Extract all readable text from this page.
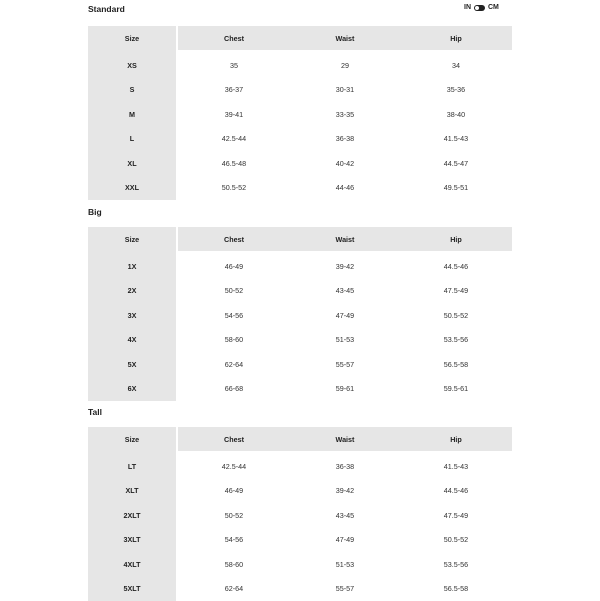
IN CM
Standard
Size	Chest	Waist	Hip
XS	35	29	34
S	36-37	30-31	35-36
M	39-41	33-35	38-40
L	42.5-44	36-38	41.5-43
XL	46.5-48	40-42	44.5-47
XXL	50.5-52	44-46	49.5-51
Big
Size	Chest	Waist	Hip
1X	46-49	39-42	44.5-46
2X	50-52	43-45	47.5-49
3X	54-56	47-49	50.5-52
4X	58-60	51-53	53.5-56
5X	62-64	55-57	56.5-58
6X	66-68	59-61	59.5-61
Tall
Size	Chest	Waist	Hip
LT	42.5-44	36-38	41.5-43
XLT	46-49	39-42	44.5-46
2XLT	50-52	43-45	47.5-49
3XLT	54-56	47-49	50.5-52
4XLT	58-60	51-53	53.5-56
5XLT	62-64	55-57	56.5-58
